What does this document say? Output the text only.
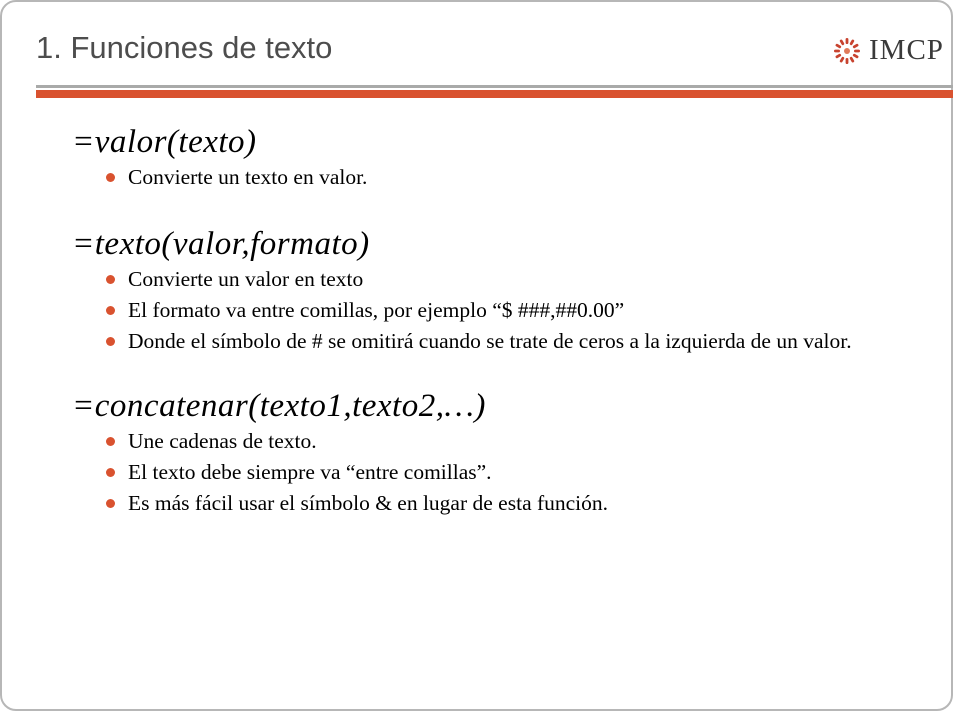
1. Funciones de texto	IMCP
=valor(texto)
Convierte un texto en valor.
=texto(valor,formato)
Convierte un valor en texto
El formato va entre comillas, por ejemplo “$ ###,##0.00”
Donde el símbolo de # se omitirá cuando se trate de ceros a la izquierda de un valor.
=concatenar(texto1,texto2,…)
Une cadenas de texto.
El texto debe siempre va “entre comillas”.
Es más fácil usar el símbolo & en lugar de esta función.
